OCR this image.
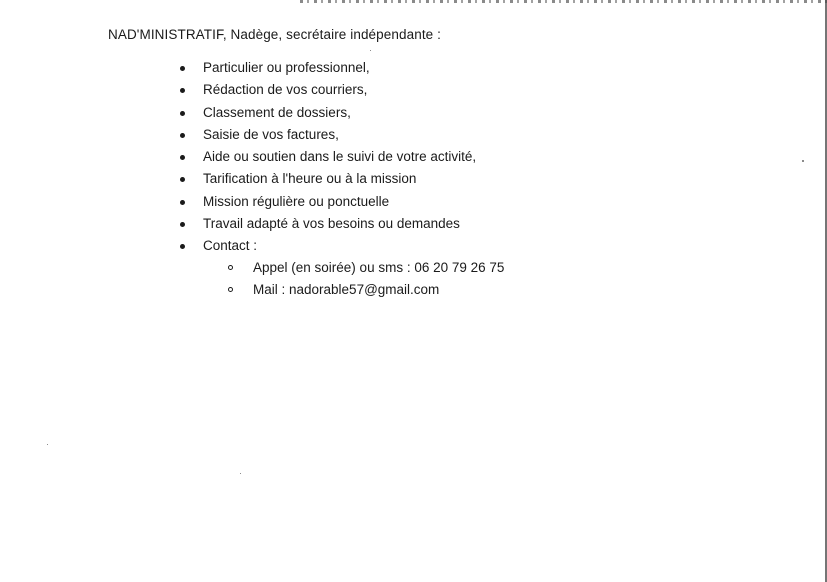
NAD'MINISTRATIF, Nadège, secrétaire indépendante :
Particulier ou professionnel,
Rédaction de vos courriers,
Classement de dossiers,
Saisie de vos factures,
Aide ou soutien dans le suivi de votre activité,
Tarification à l'heure ou à la mission
Mission régulière ou ponctuelle
Travail adapté à vos besoins ou demandes
Contact :
Appel (en soirée) ou sms : 06 20 79 26 75
Mail : nadorable57@gmail.com
